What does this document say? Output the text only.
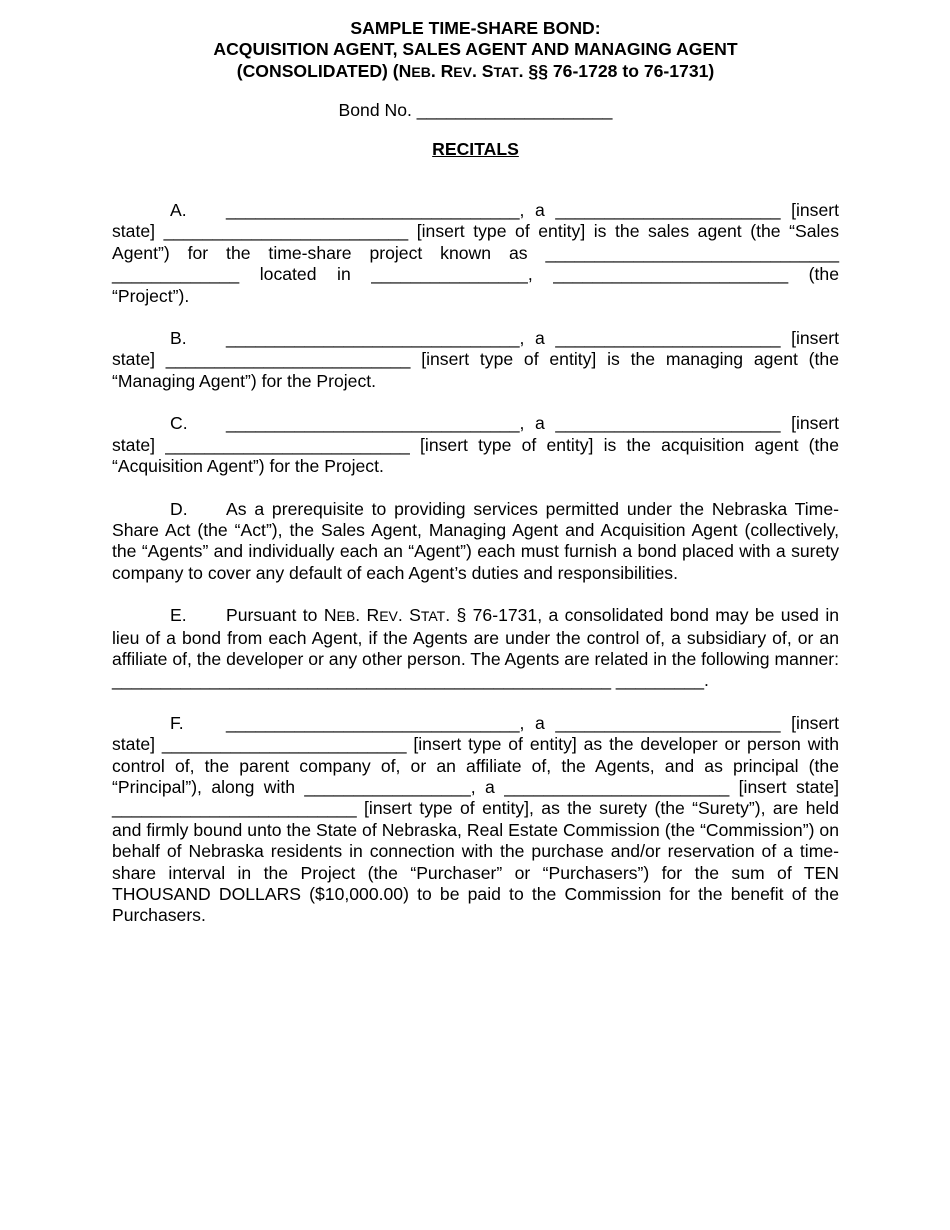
SAMPLE TIME-SHARE BOND:
ACQUISITION AGENT, SALES AGENT AND MANAGING AGENT
(CONSOLIDATED) (NEB. REV. STAT. §§ 76-1728 to 76-1731)
Bond No. ____________________
RECITALS
A. ______________________________, a _______________________ [insert state] _________________________ [insert type of entity] is the sales agent (the “Sales Agent”) for the time-share project known as ______________________________ _____________ located in ________________, ________________________ (the “Project”).
B. ______________________________, a _______________________ [insert state] _________________________ [insert type of entity] is the managing agent (the “Managing Agent”) for the Project.
C. ______________________________, a _______________________ [insert state] _________________________ [insert type of entity] is the acquisition agent (the “Acquisition Agent”) for the Project.
D. As a prerequisite to providing services permitted under the Nebraska Time-Share Act (the “Act”), the Sales Agent, Managing Agent and Acquisition Agent (collectively, the “Agents” and individually each an “Agent”) each must furnish a bond placed with a surety company to cover any default of each Agent’s duties and responsibilities.
E. Pursuant to NEB. REV. STAT. § 76-1731, a consolidated bond may be used in lieu of a bond from each Agent, if the Agents are under the control of, a subsidiary of, or an affiliate of, the developer or any other person. The Agents are related in the following manner: ___________________________________________________ _________.
F. ______________________________, a _______________________ [insert state] _________________________ [insert type of entity] as the developer or person with control of, the parent company of, or an affiliate of, the Agents, and as principal (the “Principal”), along with _________________, a _______________________ [insert state] _________________________ [insert type of entity], as the surety (the “Surety”), are held and firmly bound unto the State of Nebraska, Real Estate Commission (the “Commission”) on behalf of Nebraska residents in connection with the purchase and/or reservation of a time-share interval in the Project (the “Purchaser” or “Purchasers”) for the sum of TEN THOUSAND DOLLARS ($10,000.00) to be paid to the Commission for the benefit of the Purchasers.
